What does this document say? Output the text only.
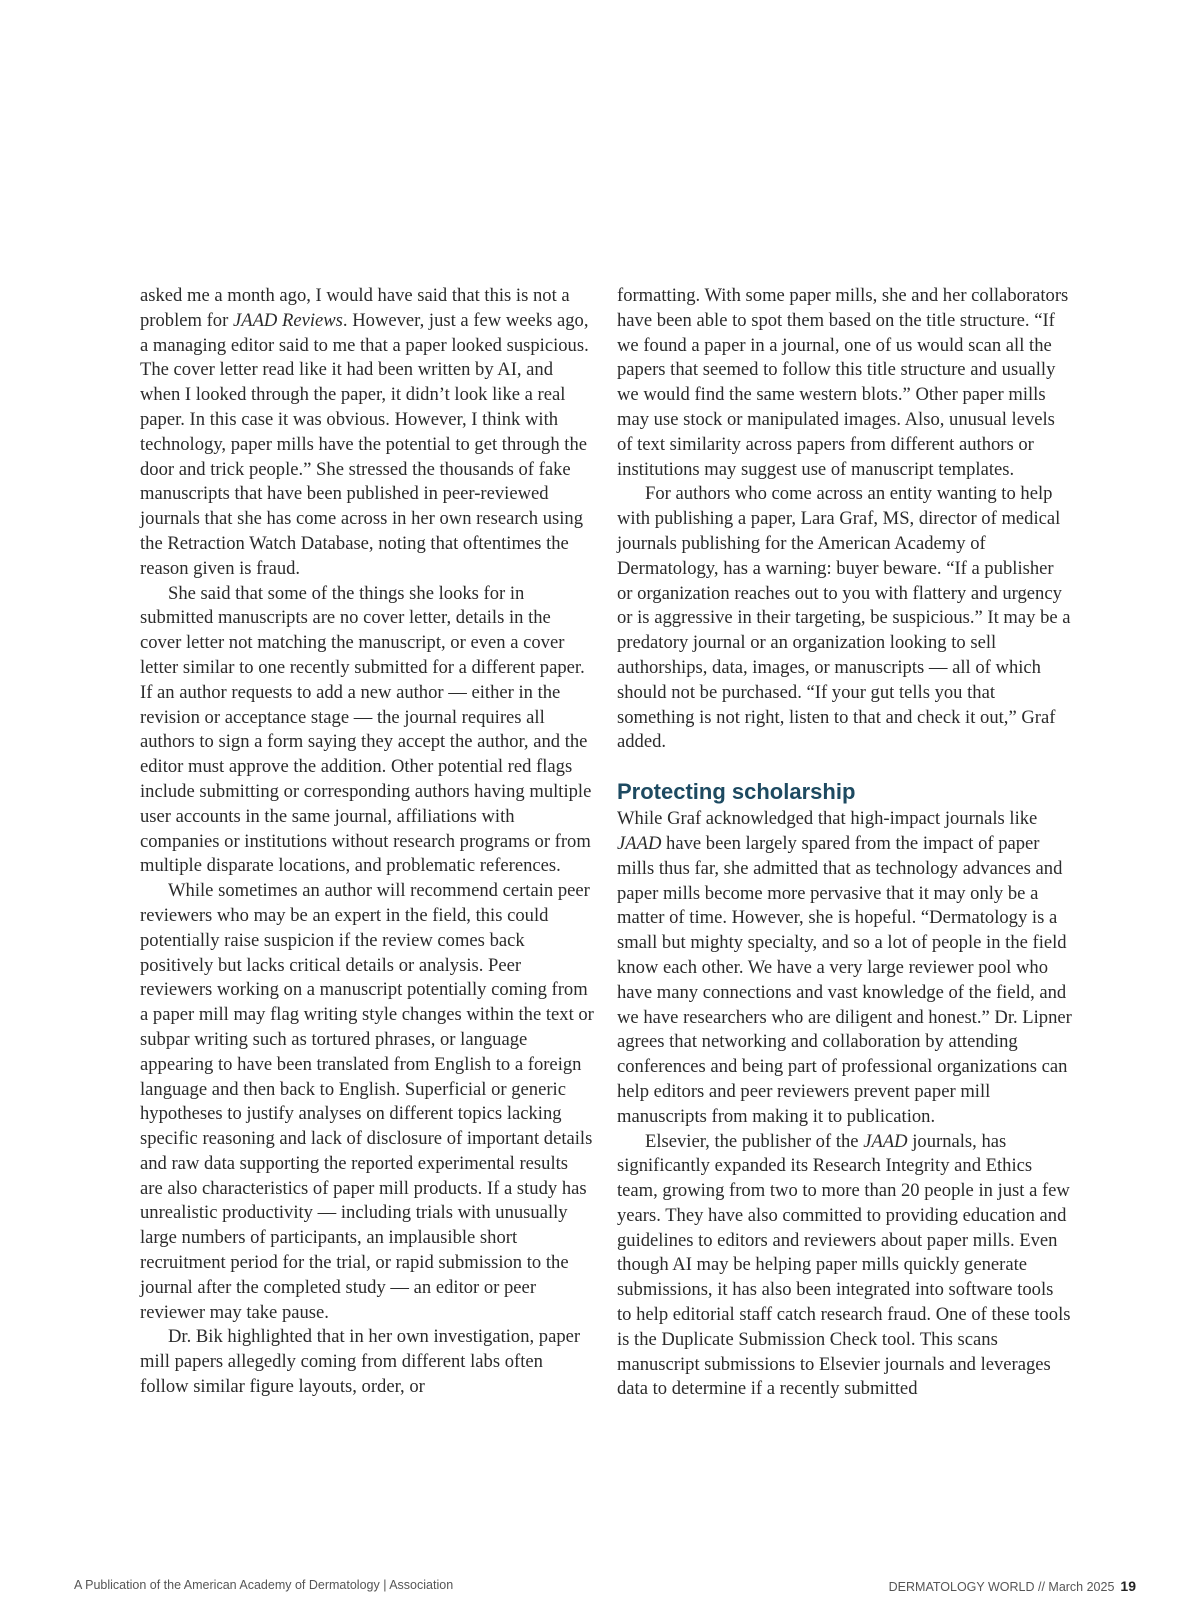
asked me a month ago, I would have said that this is not a problem for JAAD Reviews. However, just a few weeks ago, a managing editor said to me that a paper looked suspicious. The cover letter read like it had been written by AI, and when I looked through the paper, it didn’t look like a real paper. In this case it was obvious. However, I think with technology, paper mills have the potential to get through the door and trick people.” She stressed the thousands of fake manuscripts that have been published in peer-reviewed journals that she has come across in her own research using the Retraction Watch Database, noting that oftentimes the reason given is fraud.

She said that some of the things she looks for in submitted manuscripts are no cover letter, details in the cover letter not matching the manuscript, or even a cover letter similar to one recently submitted for a different paper. If an author requests to add a new author — either in the revision or acceptance stage — the journal requires all authors to sign a form saying they accept the author, and the editor must approve the addition. Other potential red flags include submitting or corresponding authors having multiple user accounts in the same journal, affiliations with companies or institutions without research programs or from multiple disparate locations, and problematic references.

While sometimes an author will recommend certain peer reviewers who may be an expert in the field, this could potentially raise suspicion if the review comes back positively but lacks critical details or analysis. Peer reviewers working on a manuscript potentially coming from a paper mill may flag writing style changes within the text or subpar writing such as tortured phrases, or language appearing to have been translated from English to a foreign language and then back to English. Superficial or generic hypotheses to justify analyses on different topics lacking specific reasoning and lack of disclosure of important details and raw data supporting the reported experimental results are also characteristics of paper mill products. If a study has unrealistic productivity — including trials with unusually large numbers of participants, an implausible short recruitment period for the trial, or rapid submission to the journal after the completed study — an editor or peer reviewer may take pause.

Dr. Bik highlighted that in her own investigation, paper mill papers allegedly coming from different labs often follow similar figure layouts, order, or

formatting. With some paper mills, she and her collaborators have been able to spot them based on the title structure. “If we found a paper in a journal, one of us would scan all the papers that seemed to follow this title structure and usually we would find the same western blots.” Other paper mills may use stock or manipulated images. Also, unusual levels of text similarity across papers from different authors or institutions may suggest use of manuscript templates.

For authors who come across an entity wanting to help with publishing a paper, Lara Graf, MS, director of medical journals publishing for the American Academy of Dermatology, has a warning: buyer beware. “If a publisher or organization reaches out to you with flattery and urgency or is aggressive in their targeting, be suspicious.” It may be a predatory journal or an organization looking to sell authorships, data, images, or manuscripts — all of which should not be purchased. “If your gut tells you that something is not right, listen to that and check it out,” Graf added.

Protecting scholarship

While Graf acknowledged that high-impact journals like JAAD have been largely spared from the impact of paper mills thus far, she admitted that as technology advances and paper mills become more pervasive that it may only be a matter of time. However, she is hopeful. “Dermatology is a small but mighty specialty, and so a lot of people in the field know each other. We have a very large reviewer pool who have many connections and vast knowledge of the field, and we have researchers who are diligent and honest.” Dr. Lipner agrees that networking and collaboration by attending conferences and being part of professional organizations can help editors and peer reviewers prevent paper mill manuscripts from making it to publication.

Elsevier, the publisher of the JAAD journals, has significantly expanded its Research Integrity and Ethics team, growing from two to more than 20 people in just a few years. They have also committed to providing education and guidelines to editors and reviewers about paper mills. Even though AI may be helping paper mills quickly generate submissions, it has also been integrated into software tools to help editorial staff catch research fraud. One of these tools is the Duplicate Submission Check tool. This scans manuscript submissions to Elsevier journals and leverages data to determine if a recently submitted

A Publication of the American Academy of Dermatology | Association	DERMATOLOGY WORLD // March 2025 19
